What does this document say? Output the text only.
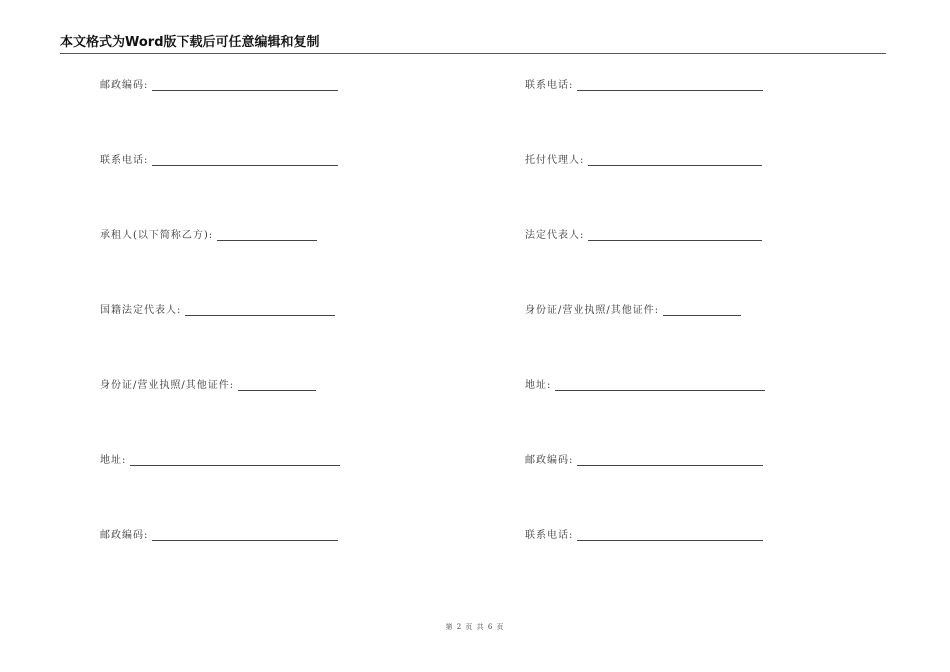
本文格式为Word版下载后可任意编辑和复制
邮政编码:
联系电话:
承租人(以下简称乙方):
国籍法定代表人:
身份证/营业执照/其他证件:
地址:
邮政编码:
联系电话:
托付代理人:
法定代表人:
身份证/营业执照/其他证件:
地址:
邮政编码:
联系电话:
第 2 页 共 6 页
